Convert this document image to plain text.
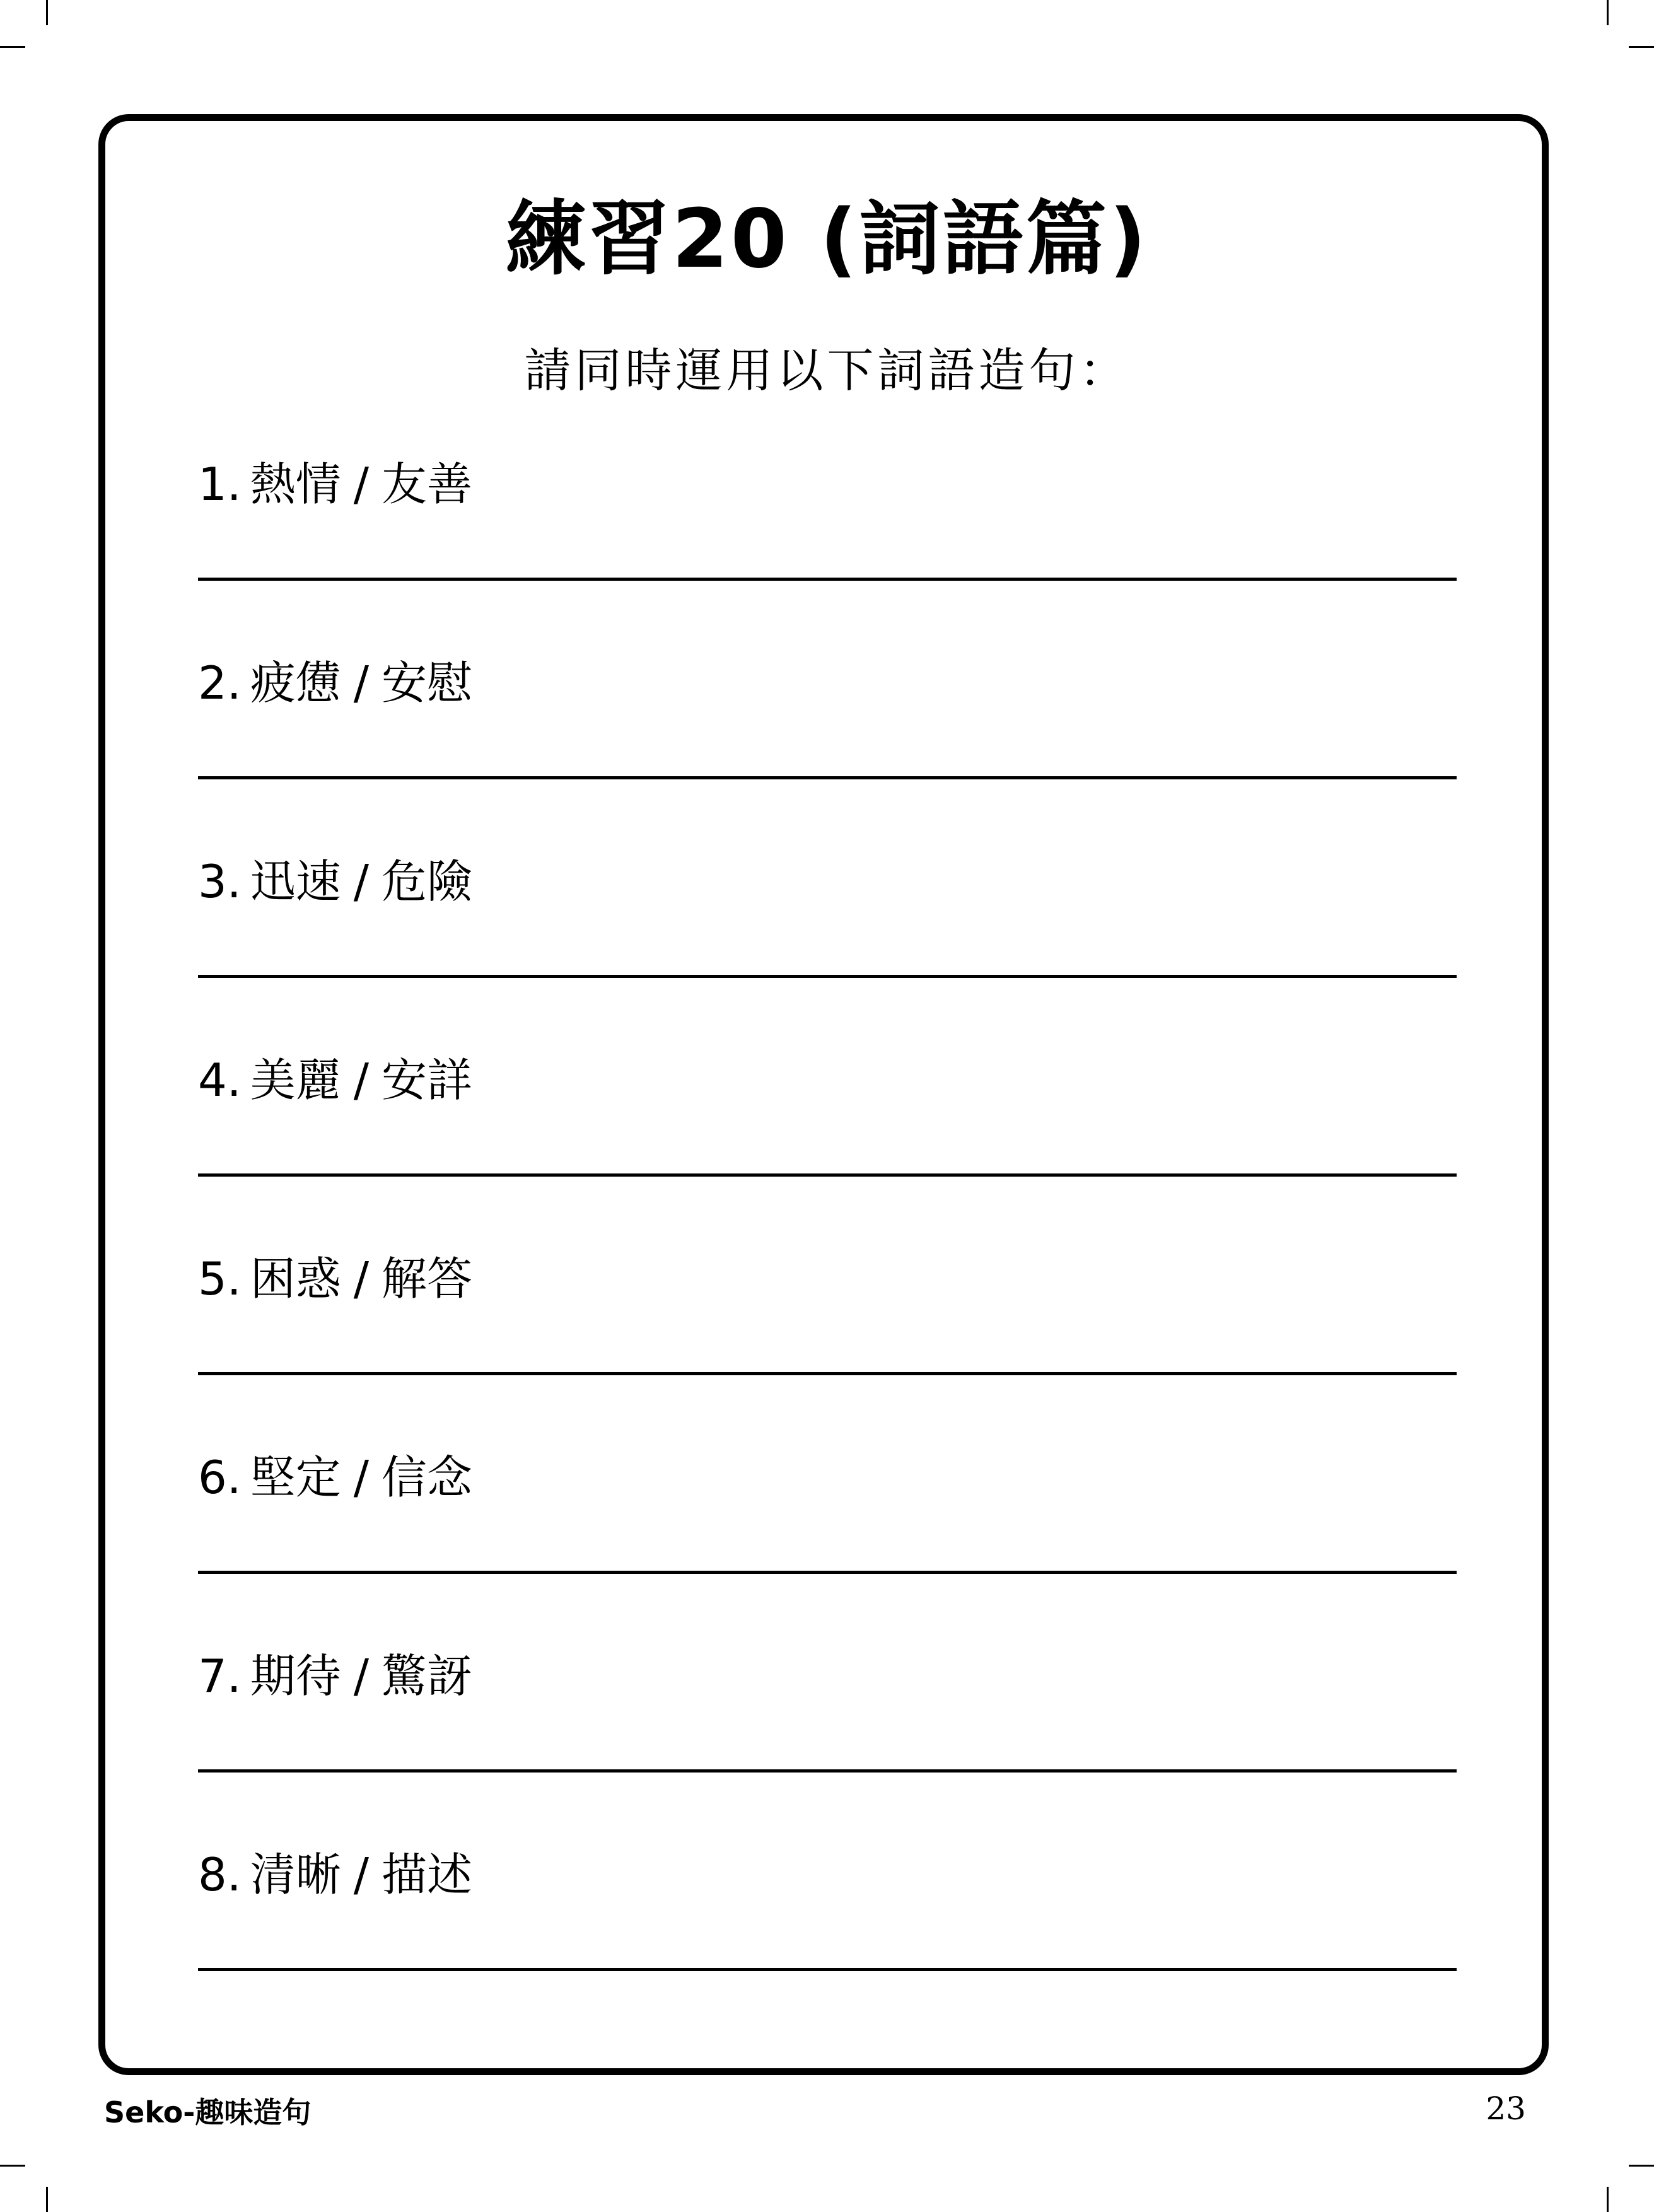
練習20 (詞語篇)
請同時運用以下詞語造句：
1. 熱情 / 友善
2. 疲憊 / 安慰
3. 迅速 / 危險
4. 美麗 / 安詳
5. 困惑 / 解答
6. 堅定 / 信念
7. 期待 / 驚訝
8. 清晰 / 描述
Seko-趣味造句	23
